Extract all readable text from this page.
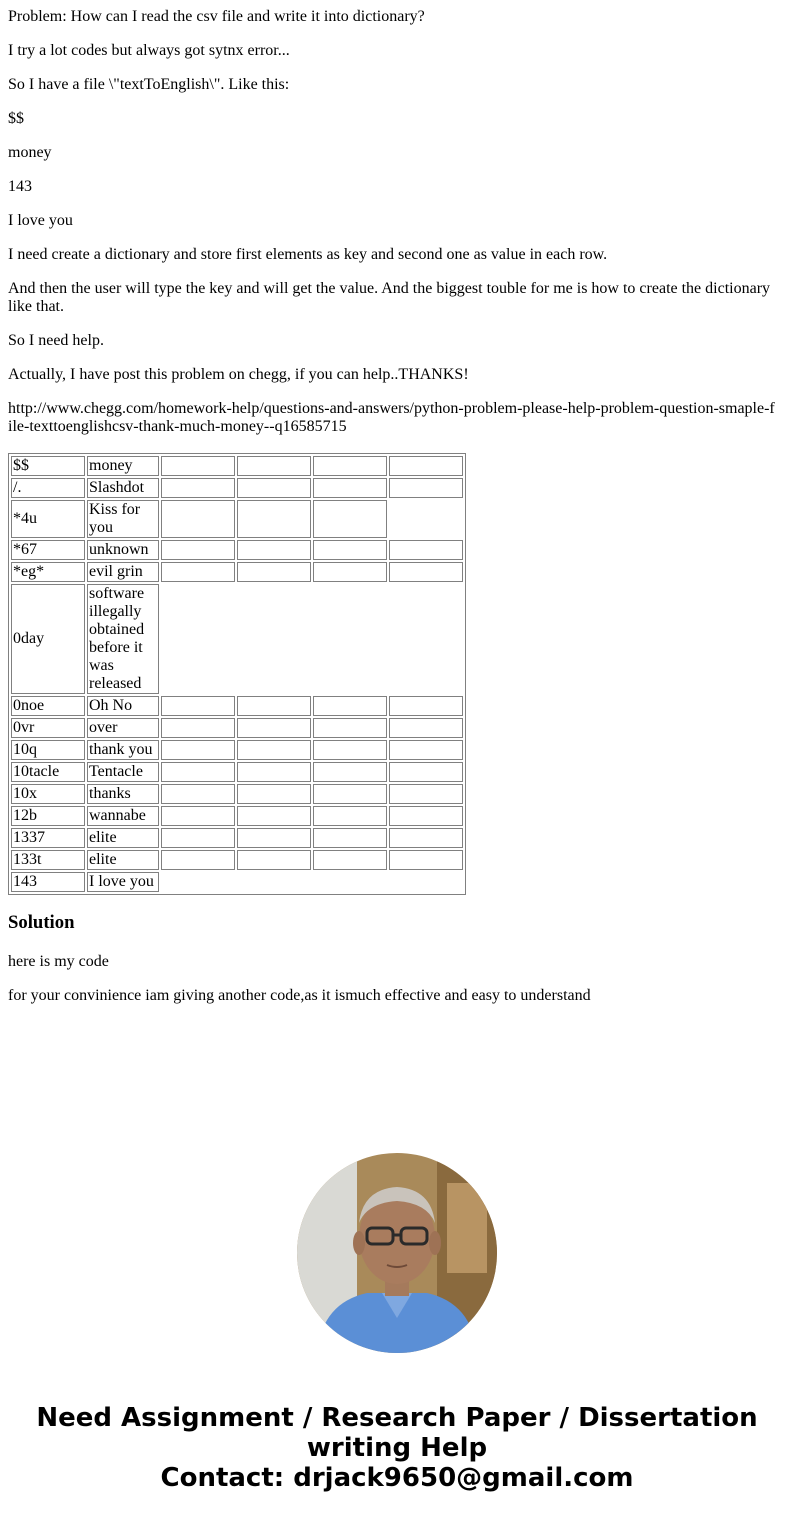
Problem: How can I read the csv file and write it into dictionary?

I try a lot codes but always got sytnx error...

So I have a file \"textToEnglish\". Like this:

$$

money

143

I love you

I need create a dictionary and store first elements as key and second one as value in each row.

And then the user will type the key and will get the value. And the biggest touble for me is how to create the dictionary like that.

So I need help.

Actually, I have post this problem on chegg, if you can help..THANKS!

http://www.chegg.com/homework-help/questions-and-answers/python-problem-please-help-problem-question-smaple-file-texttoenglishcsv-thank-much-money--q16585715

$$	money				
/.	Slashdot				
*4u	Kiss for you				
*67	unknown				
*eg*	evil grin				
0day	software illegally obtained before it was released				
0noe	Oh No				
0vr	over				
10q	thank you				
10tacle	Tentacle				
10x	thanks				
12b	wannabe				
1337	elite				
133t	elite				
143	I love you				
Solution

here is my code

for your convinience iam giving another code,as it ismuch effective and easy to understand

Need Assignment / Research Paper / Dissertation
writing Help
Contact: drjack9650@gmail.com
